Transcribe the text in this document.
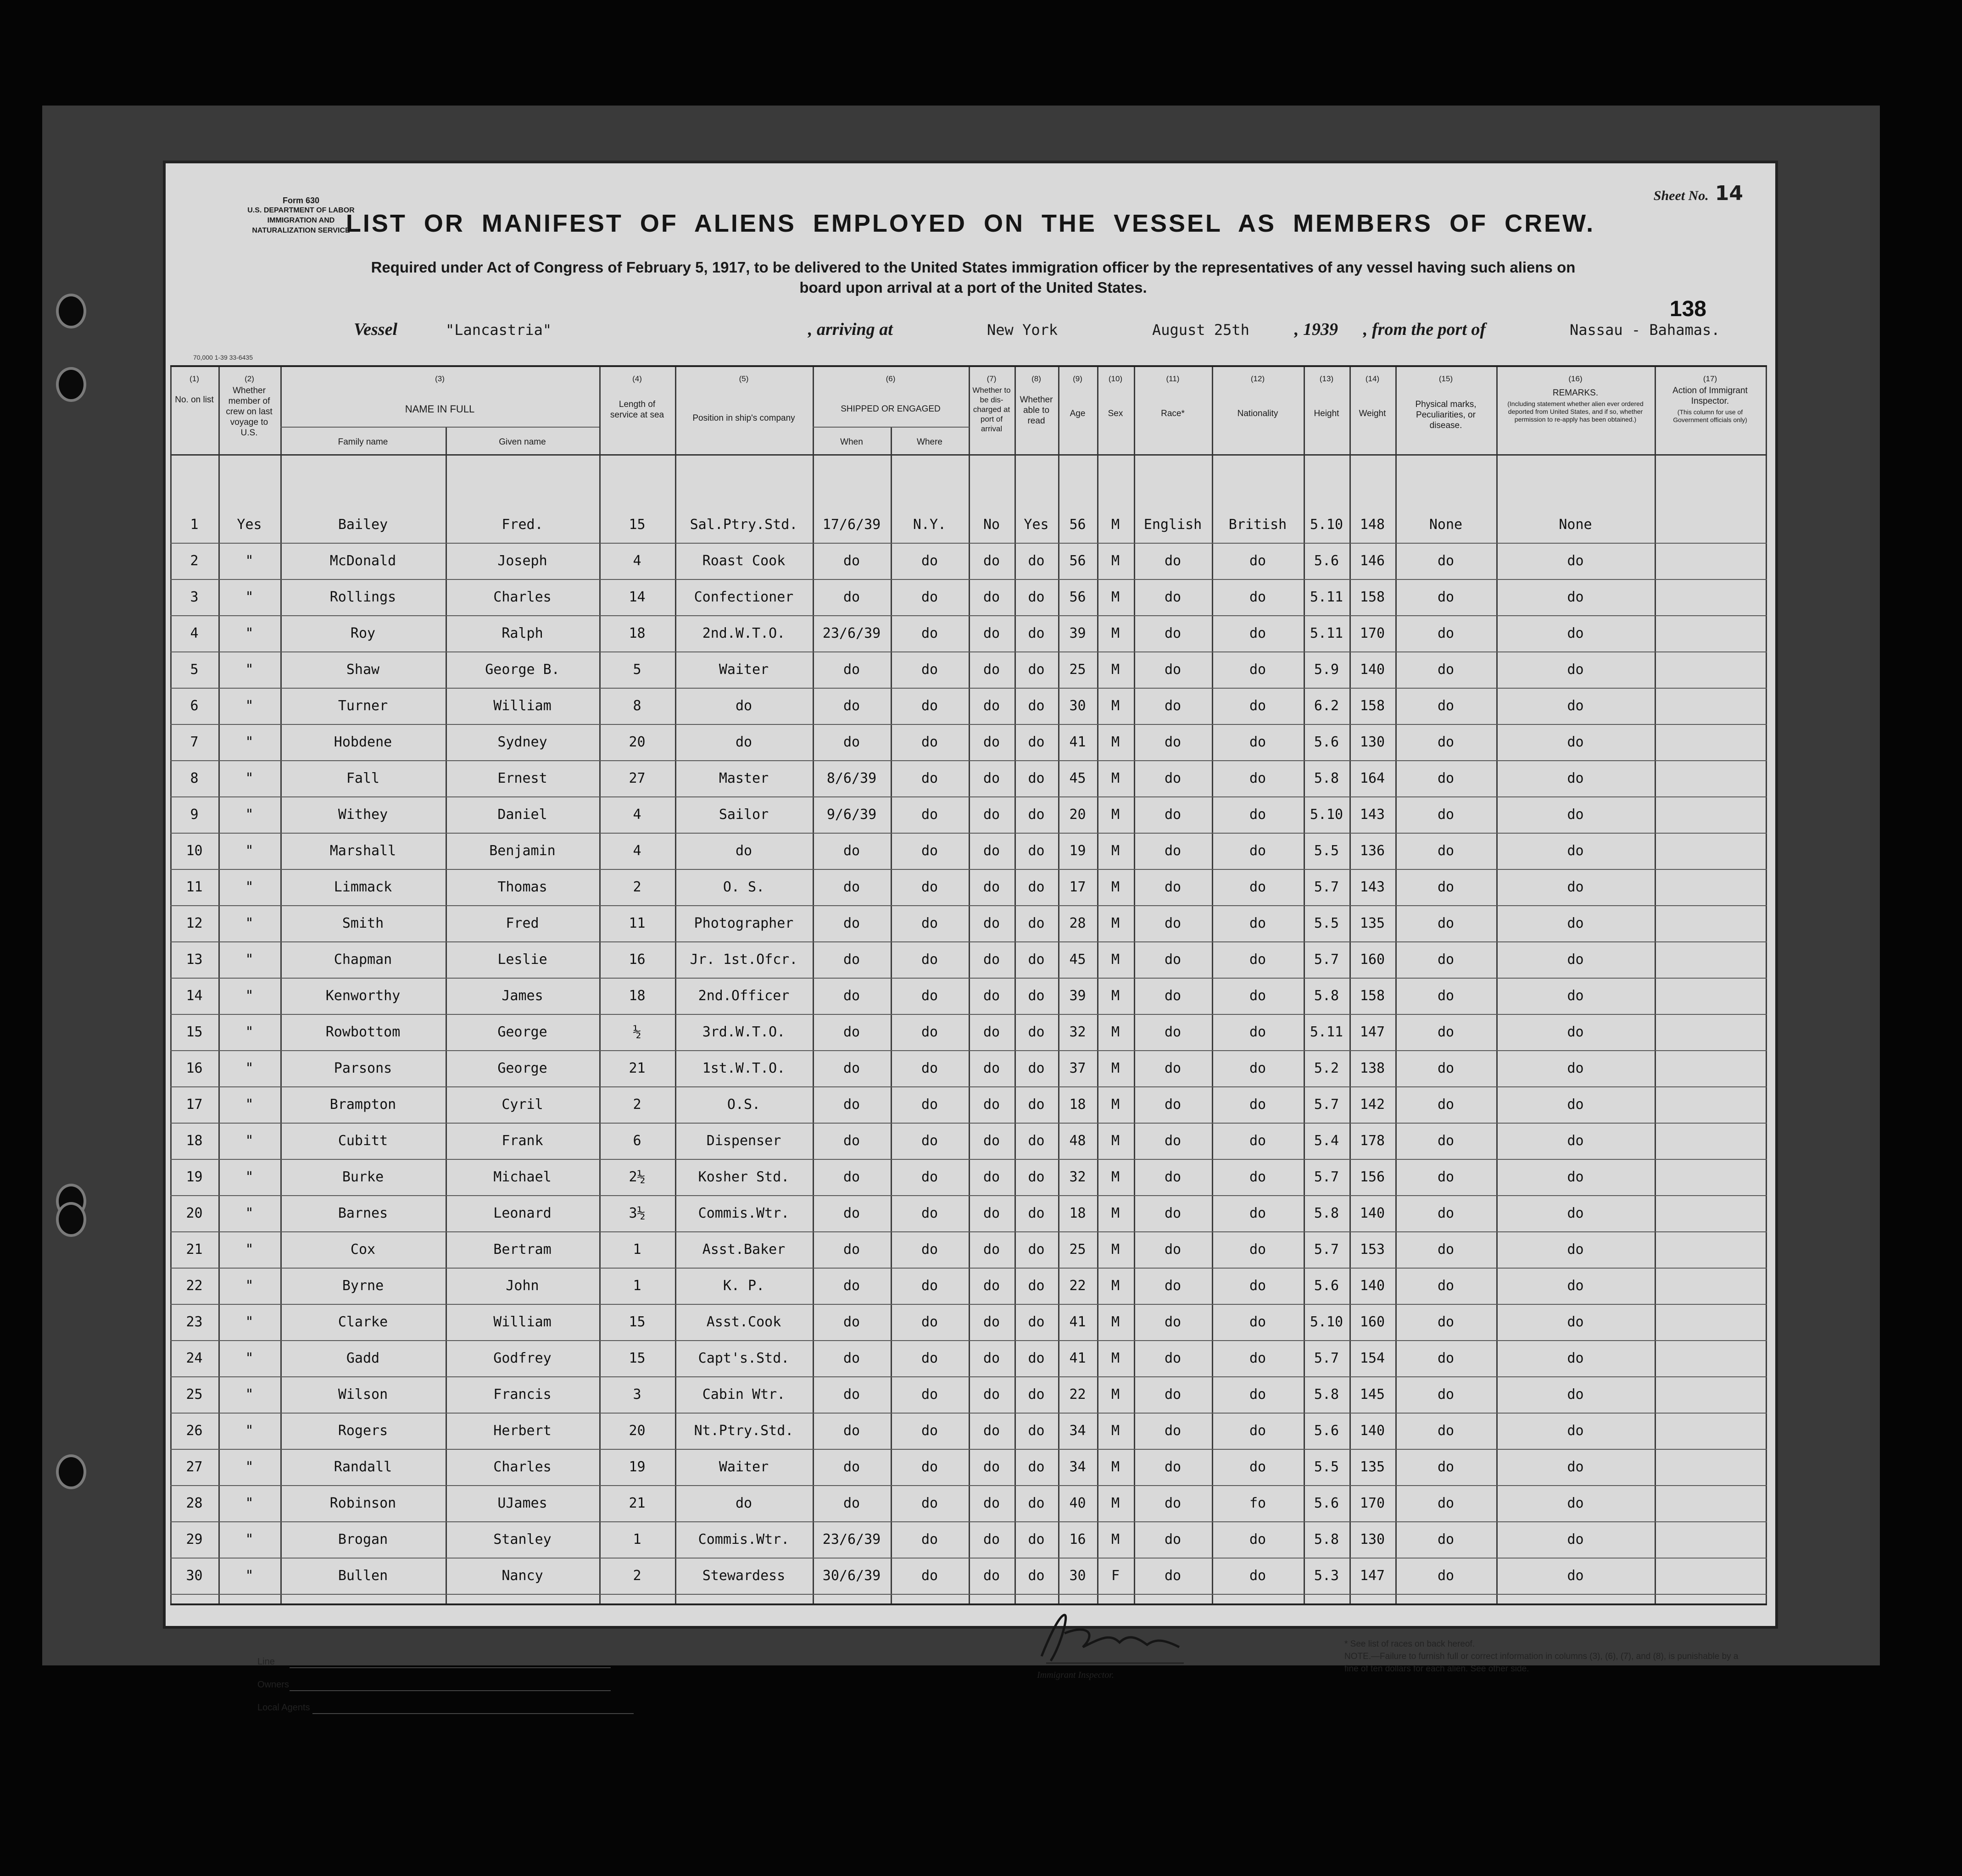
Form 630
U.S. DEPARTMENT OF LABOR
IMMIGRATION AND NATURALIZATION SERVICE
Sheet No. 14
LIST OR MANIFEST OF ALIENS EMPLOYED ON THE VESSEL AS MEMBERS OF CREW.
Required under Act of Congress of February 5, 1917, to be delivered to the United States immigration officer by the representatives of any vessel having such aliens on board upon arrival at a port of the United States.
138
Vessel	"Lancastria"	, arriving at	New York	August 25th	, 1939 , from the port of	Nassau - Bahamas.
70,000 1-39 33-6435
(1)
No. on list
(2)
Whether member of crew on last voyage to U.S.
(3)
NAME IN FULL
Family name	Given name
(4)
Length of service at sea
(5)
Position in ship's company
(6)
SHIPPED OR ENGAGED
When	Where
(7)
Whether to be dis-charged at port of arrival
(8)
Whether able to read
(9)
Age
(10)
Sex
(11)
Race*
(12)
Nationality
(13)
Height
(14)
Weight
(15)
Physical marks, Peculiarities, or disease.
(16)
REMARKS.
(Including statement whether alien ever ordered deported from United States, and if so, whether permission to re-apply has been obtained.)
(17)
Action of Immigrant Inspector.
(This column for use of Government officials only)
1	Yes	Bailey	Fred.	15	Sal.Ptry.Std.	17/6/39	N.Y.	No	Yes	56	M	English	British	5.10	148	None	None
2	"	McDonald	Joseph	4	Roast Cook	do	do	do	do	56	M	do	do	5.6	146	do	do
3	"	Rollings	Charles	14	Confectioner	do	do	do	do	56	M	do	do	5.11	158	do	do
4	"	Roy	Ralph	18	2nd.W.T.O.	23/6/39	do	do	do	39	M	do	do	5.11	170	do	do
5	"	Shaw	George B.	5	Waiter	do	do	do	do	25	M	do	do	5.9	140	do	do
6	"	Turner	William	8	do	do	do	do	do	30	M	do	do	6.2	158	do	do
7	"	Hobdene	Sydney	20	do	do	do	do	do	41	M	do	do	5.6	130	do	do
8	"	Fall	Ernest	27	Master	8/6/39	do	do	do	45	M	do	do	5.8	164	do	do
9	"	Withey	Daniel	4	Sailor	9/6/39	do	do	do	20	M	do	do	5.10	143	do	do
10	"	Marshall	Benjamin	4	do	do	do	do	do	19	M	do	do	5.5	136	do	do
11	"	Limmack	Thomas	2	O. S.	do	do	do	do	17	M	do	do	5.7	143	do	do
12	"	Smith	Fred	11	Photographer	do	do	do	do	28	M	do	do	5.5	135	do	do
13	"	Chapman	Leslie	16	Jr. 1st.Ofcr.	do	do	do	do	45	M	do	do	5.7	160	do	do
14	"	Kenworthy	James	18	2nd.Officer	do	do	do	do	39	M	do	do	5.8	158	do	do
15	"	Rowbottom	George	½	3rd.W.T.O.	do	do	do	do	32	M	do	do	5.11	147	do	do
16	"	Parsons	George	21	1st.W.T.O.	do	do	do	do	37	M	do	do	5.2	138	do	do
17	"	Brampton	Cyril	2	O.S.	do	do	do	do	18	M	do	do	5.7	142	do	do
18	"	Cubitt	Frank	6	Dispenser	do	do	do	do	48	M	do	do	5.4	178	do	do
19	"	Burke	Michael	2½	Kosher Std.	do	do	do	do	32	M	do	do	5.7	156	do	do
20	"	Barnes	Leonard	3½	Commis.Wtr.	do	do	do	do	18	M	do	do	5.8	140	do	do
21	"	Cox	Bertram	1	Asst.Baker	do	do	do	do	25	M	do	do	5.7	153	do	do
22	"	Byrne	John	1	K. P.	do	do	do	do	22	M	do	do	5.6	140	do	do
23	"	Clarke	William	15	Asst.Cook	do	do	do	do	41	M	do	do	5.10	160	do	do
24	"	Gadd	Godfrey	15	Capt's.Std.	do	do	do	do	41	M	do	do	5.7	154	do	do
25	"	Wilson	Francis	3	Cabin Wtr.	do	do	do	do	22	M	do	do	5.8	145	do	do
26	"	Rogers	Herbert	20	Nt.Ptry.Std.	do	do	do	do	34	M	do	do	5.6	140	do	do
27	"	Randall	Charles	19	Waiter	do	do	do	do	34	M	do	do	5.5	135	do	do
28	"	Robinson	UJames	21	do	do	do	do	do	40	M	do	fo	5.6	170	do	do
29	"	Brogan	Stanley	1	Commis.Wtr.	23/6/39	do	do	do	16	M	do	do	5.8	130	do	do
30	"	Bullen	Nancy	2	Stewardess	30/6/39	do	do	do	30	F	do	do	5.3	147	do	do
Line
Owners
Local Agents
Immigrant Inspector.
* See list of races on back hereof.
NOTE.—Failure to furnish full or correct information in columns (3), (6), (7), and (8), is punishable by a fine of ten dollars for each alien. See other side.
